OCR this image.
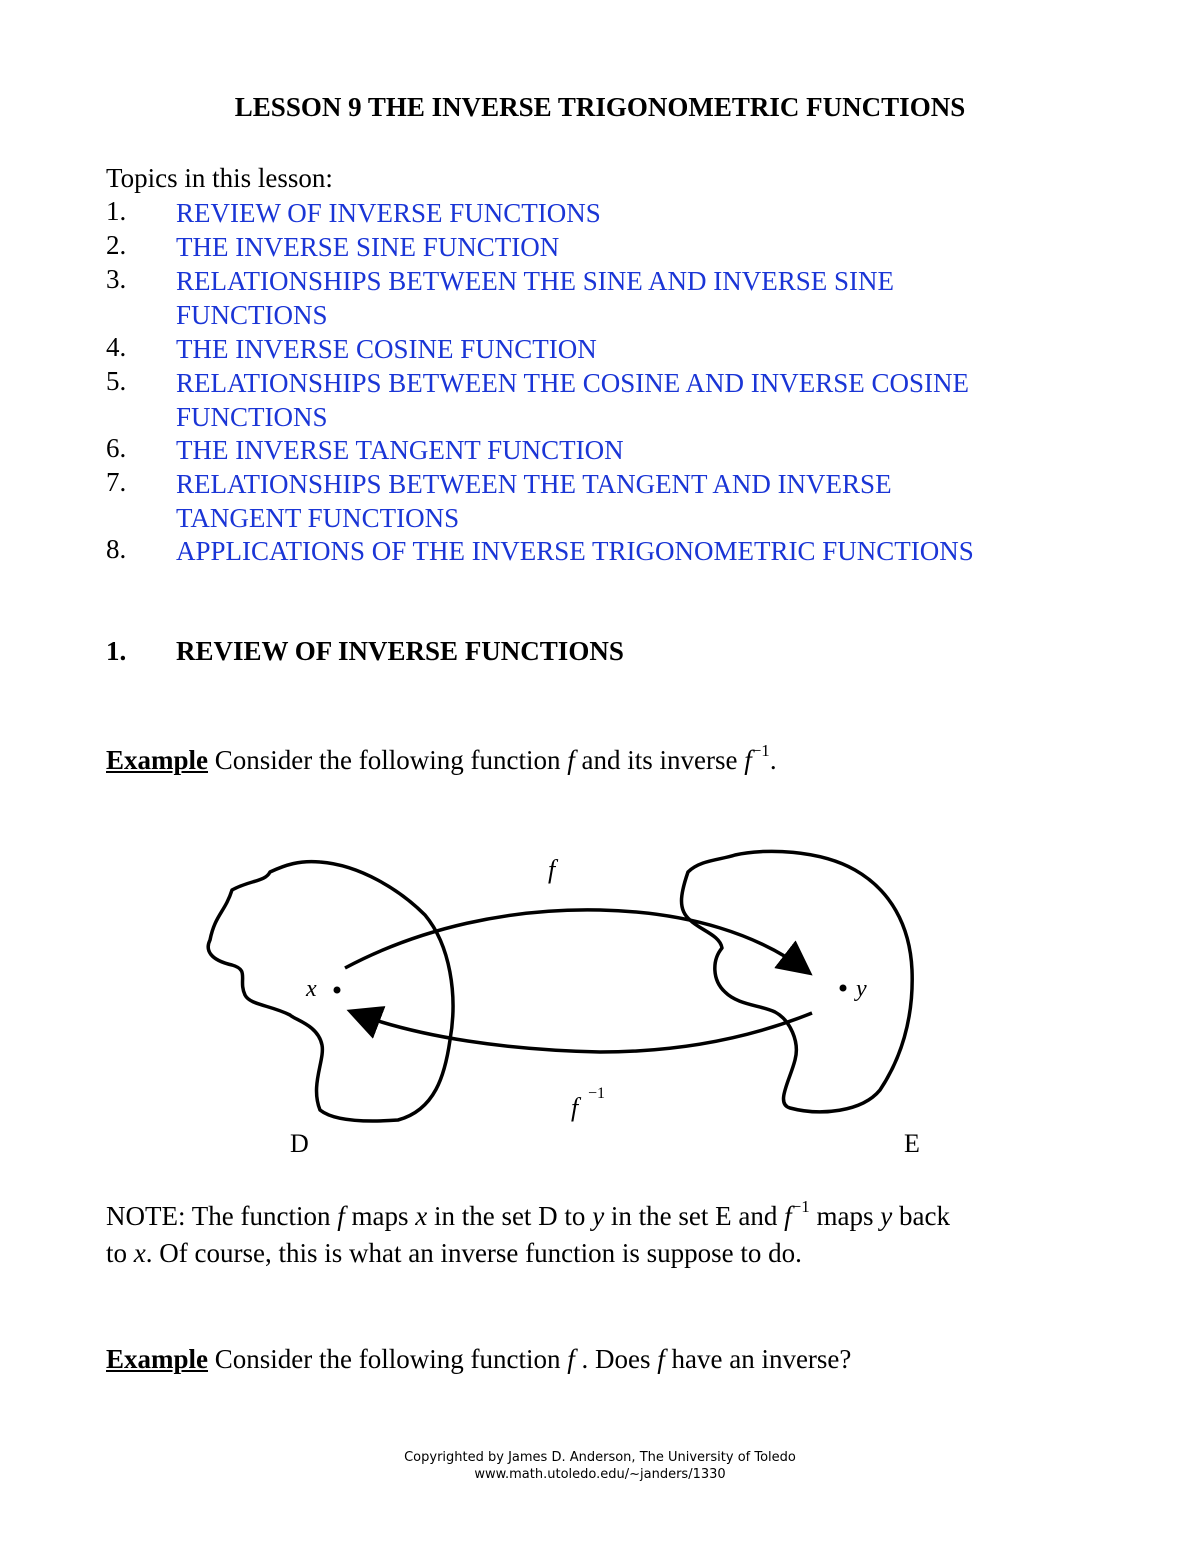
LESSON 9 THE INVERSE TRIGONOMETRIC FUNCTIONS
Topics in this lesson:
1. REVIEW OF INVERSE FUNCTIONS
2. THE INVERSE SINE FUNCTION
3. RELATIONSHIPS BETWEEN THE SINE AND INVERSE SINE FUNCTIONS
4. THE INVERSE COSINE FUNCTION
5. RELATIONSHIPS BETWEEN THE COSINE AND INVERSE COSINE FUNCTIONS
6. THE INVERSE TANGENT FUNCTION
7. RELATIONSHIPS BETWEEN THE TANGENT AND INVERSE TANGENT FUNCTIONS
8. APPLICATIONS OF THE INVERSE TRIGONOMETRIC FUNCTIONS
1. REVIEW OF INVERSE FUNCTIONS
Example Consider the following function f and its inverse $f^{-1}$.
x	y
f
f −1
D	E
NOTE: The function f maps x in the set D to y in the set E and $f^{-1}$ maps y back
to x. Of course, this is what an inverse function is suppose to do.
Example Consider the following function f . Does f have an inverse?
Copyrighted by James D. Anderson, The University of Toledo
www.math.utoledo.edu/~janders/1330
